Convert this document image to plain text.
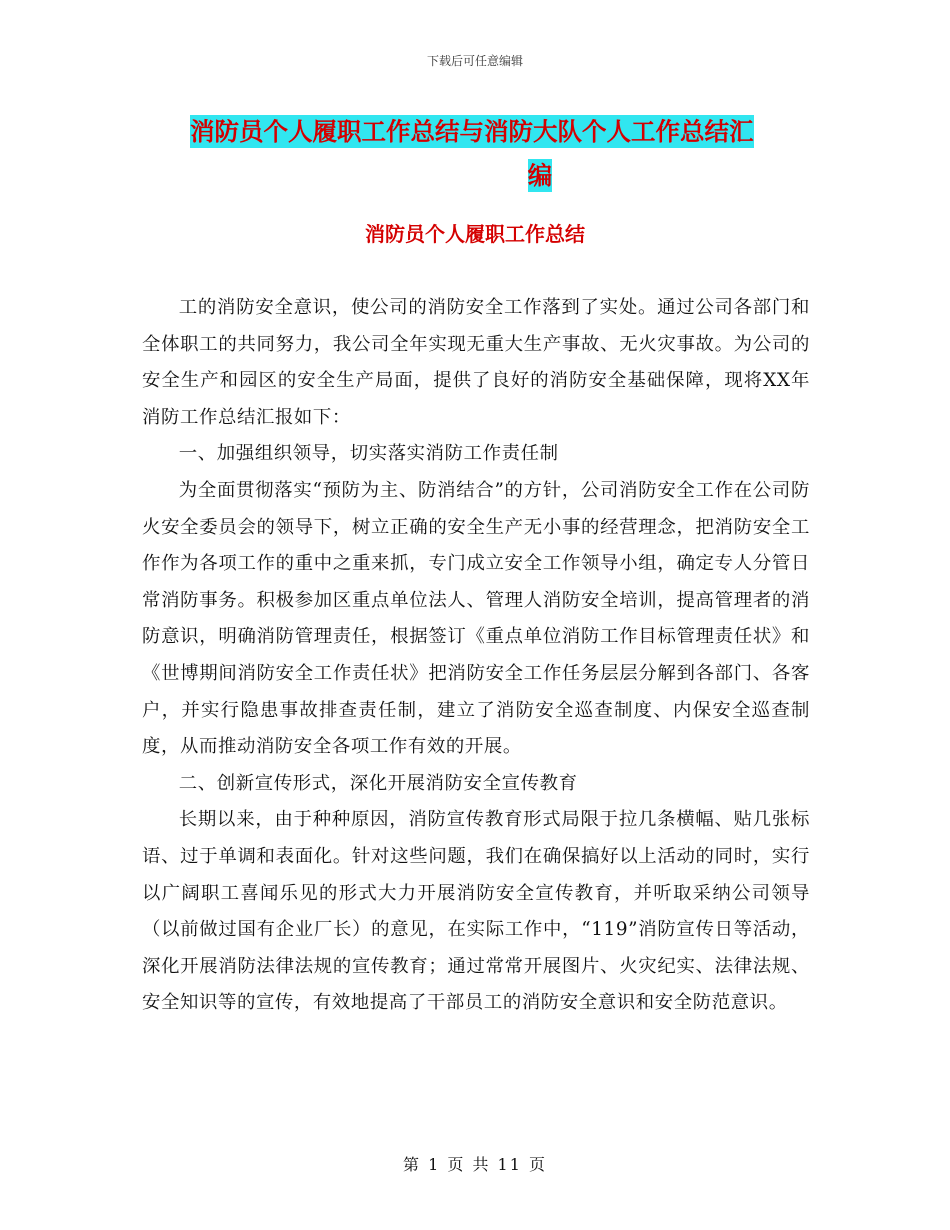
下载后可任意编辑
消防员个人履职工作总结与消防大队个人工作总结汇
编
消防员个人履职工作总结

工的消防安全意识，使公司的消防安全工作落到了实处。通过公司各部门和全体职工的共同努力，我公司全年实现无重大生产事故、无火灾事故。为公司的安全生产和园区的安全生产局面，提供了良好的消防安全基础保障，现将XX年消防工作总结汇报如下：

一、加强组织领导，切实落实消防工作责任制

为全面贯彻落实“预防为主、防消结合”的方针，公司消防安全工作在公司防火安全委员会的领导下，树立正确的安全生产无小事的经营理念，把消防安全工作作为各项工作的重中之重来抓，专门成立安全工作领导小组，确定专人分管日常消防事务。积极参加区重点单位法人、管理人消防安全培训，提高管理者的消防意识，明确消防管理责任，根据签订《重点单位消防工作目标管理责任状》和《世博期间消防安全工作责任状》把消防安全工作任务层层分解到各部门、各客户，并实行隐患事故排查责任制，建立了消防安全巡查制度、内保安全巡查制度，从而推动消防安全各项工作有效的开展。

二、创新宣传形式，深化开展消防安全宣传教育

长期以来，由于种种原因，消防宣传教育形式局限于拉几条横幅、贴几张标语、过于单调和表面化。针对这些问题，我们在确保搞好以上活动的同时，实行以广阔职工喜闻乐见的形式大力开展消防安全宣传教育，并听取采纳公司领导（以前做过国有企业厂长）的意见，在实际工作中，“119”消防宣传日等活动，深化开展消防法律法规的宣传教育；通过常常开展图片、火灾纪实、法律法规、安全知识等的宣传，有效地提高了干部员工的消防安全意识和安全防范意识。

第 1 页 共 11 页
